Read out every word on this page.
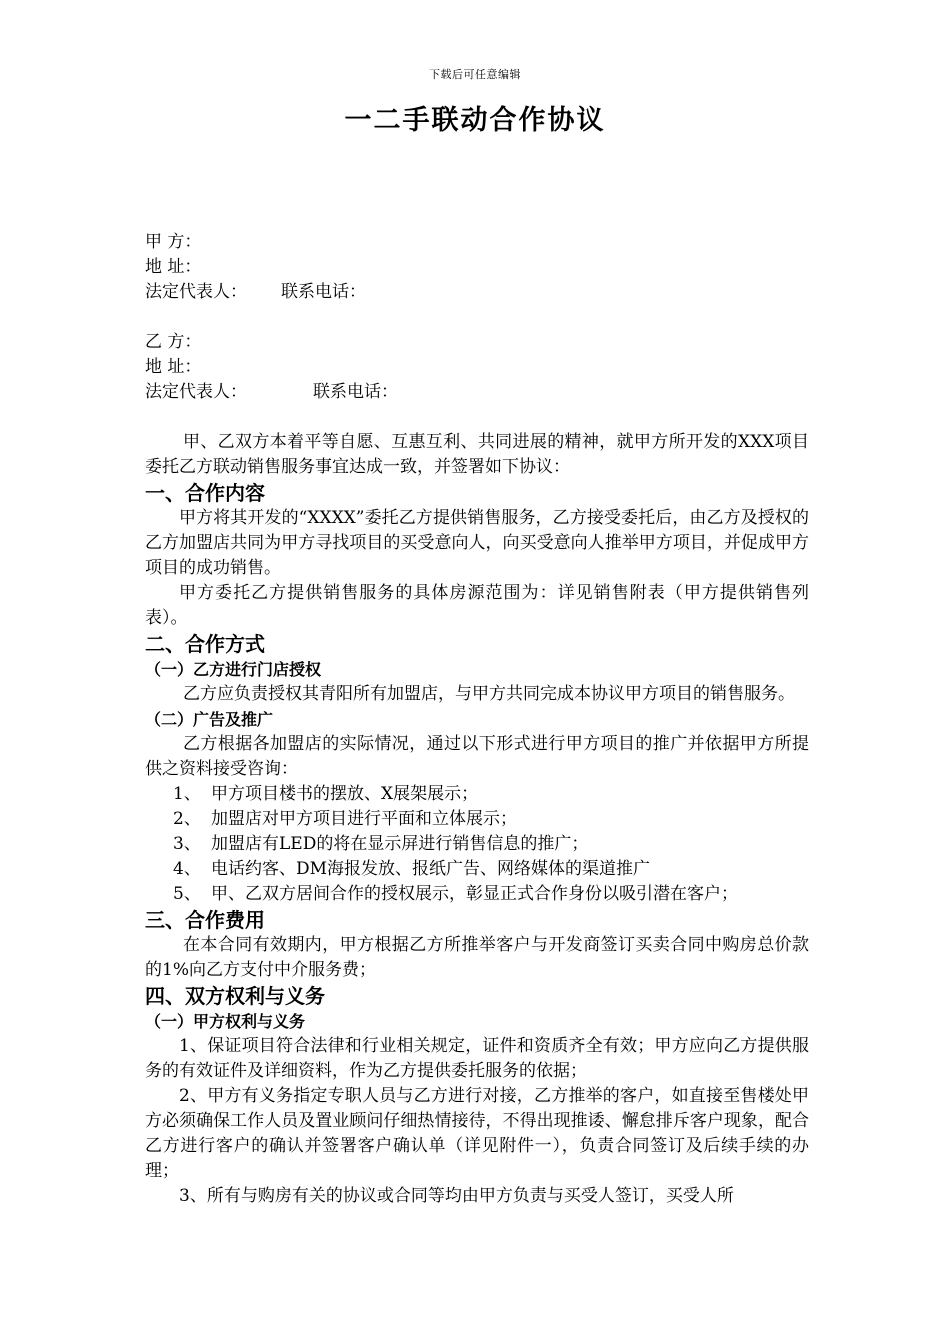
下载后可任意编辑
一二手联动合作协议
甲 方：
地 址：
法定代表人： 联系电话：
乙 方：
地 址：
法定代表人：	联系电话：
甲、乙双方本着平等自愿、互惠互利、共同进展的精神，就甲方所开发的XXX项目委托乙方联动销售服务事宜达成一致，并签署如下协议：
一、合作内容
甲方将其开发的“XXXX”委托乙方提供销售服务，乙方接受委托后，由乙方及授权的乙方加盟店共同为甲方寻找项目的买受意向人，向买受意向人推举甲方项目，并促成甲方项目的成功销售。
甲方委托乙方提供销售服务的具体房源范围为：详见销售附表（甲方提供销售列表）。
二、合作方式
（一）乙方进行门店授权
乙方应负责授权其青阳所有加盟店，与甲方共同完成本协议甲方项目的销售服务。
（二）广告及推广
乙方根据各加盟店的实际情况，通过以下形式进行甲方项目的推广并依据甲方所提供之资料接受咨询：
1、 甲方项目楼书的摆放、X展架展示；
2、 加盟店对甲方项目进行平面和立体展示；
3、 加盟店有LED的将在显示屏进行销售信息的推广；
4、 电话约客、DM海报发放、报纸广告、网络媒体的渠道推广
5、 甲、乙双方居间合作的授权展示，彰显正式合作身份以吸引潜在客户；
三、合作费用
在本合同有效期内，甲方根据乙方所推举客户与开发商签订买卖合同中购房总价款的1%向乙方支付中介服务费；
四、双方权利与义务
（一）甲方权利与义务
1、保证项目符合法律和行业相关规定，证件和资质齐全有效；甲方应向乙方提供服务的有效证件及详细资料，作为乙方提供委托服务的依据；
2、甲方有义务指定专职人员与乙方进行对接，乙方推举的客户，如直接至售楼处甲方必须确保工作人员及置业顾问仔细热情接待，不得出现推诿、懈怠排斥客户现象，配合乙方进行客户的确认并签署客户确认单（详见附件一），负责合同签订及后续手续的办理；
3、所有与购房有关的协议或合同等均由甲方负责与买受人签订，买受人所
